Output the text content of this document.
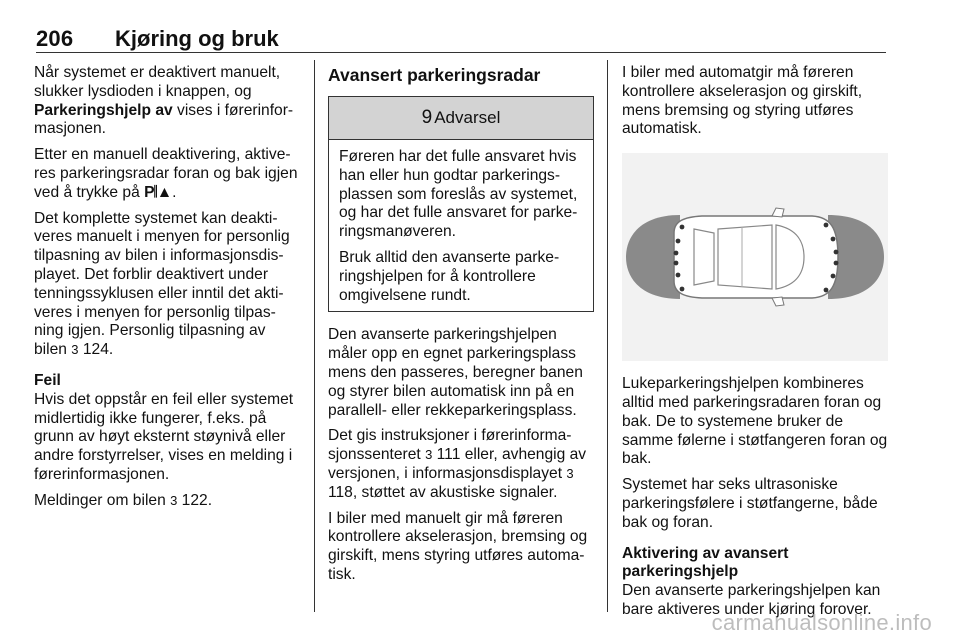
206 Kjøring og bruk

Når systemet er deaktivert manuelt, slukker lysdioden i knappen, og Parkeringshjelp av vises i førerinfor-masjonen.

Etter en manuell deaktivering, aktive-res parkeringsradar foran og bak igjen ved å trykke på P𝄁▲.

Det komplette systemet kan deakti-veres manuelt i menyen for personlig tilpasning av bilen i informasjonsdis-playet. Det forblir deaktivert under tenningssyklusen eller inntil det akti-veres i menyen for personlig tilpas-ning igjen. Personlig tilpasning av bilen 3 124.

Feil

Hvis det oppstår en feil eller systemet midlertidig ikke fungerer, f.eks. på grunn av høyt eksternt støynivå eller andre forstyrrelser, vises en melding i førerinformasjonen.

Meldinger om bilen 3 122.

Avansert parkeringsradar
9 Advarsel

Føreren har det fulle ansvaret hvis han eller hun godtar parkerings-plassen som foreslås av systemet, og har det fulle ansvaret for parke-ringsmanøveren.

Bruk alltid den avanserte parke-ringshjelpen for å kontrollere omgivelsene rundt.

Den avanserte parkeringshjelpen måler opp en egnet parkeringsplass mens den passeres, beregner banen og styrer bilen automatisk inn på en parallell- eller rekkeparkeringsplass.

Det gis instruksjoner i førerinforma-sjonssenteret 3 111 eller, avhengig av versjonen, i informasjonsdisplayet 3 118, støttet av akustiske signaler.

I biler med manuelt gir må føreren kontrollere akselerasjon, bremsing og girskift, mens styring utføres automa-tisk.

I biler med automatgir må føreren kontrollere akselerasjon og girskift, mens bremsing og styring utføres automatisk.

Lukeparkeringshjelpen kombineres alltid med parkeringsradaren foran og bak. De to systemene bruker de samme følerne i støtfangeren foran og bak.

Systemet har seks ultrasoniske parkeringsfølere i støtfangerne, både bak og foran.

Aktivering av avansert
parkeringshjelp

Den avanserte parkeringshjelpen kan bare aktiveres under kjøring forover.

carmanualsonline.info
